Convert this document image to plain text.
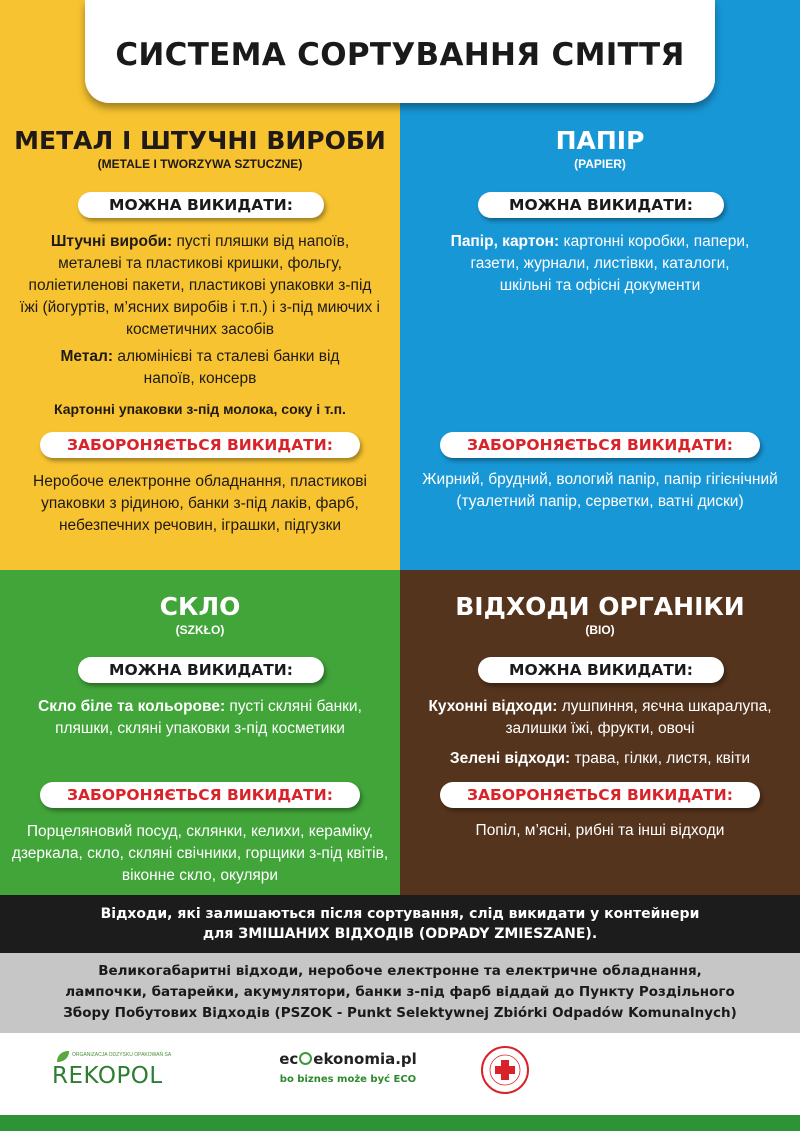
МЕТАЛ І ШТУЧНІ ВИРОБИ
(METALE I TWORZYWA SZTUCZNE)
МОЖНА ВИКИДАТИ:
Штучні вироби: пусті пляшки від напоїв, металеві та пластикові кришки, фольгу, поліетиленові пакети, пластикові упаковки з-під їжі (йогуртів, м’ясних виробів і т.п.) і з-під миючих і косметичних засобів
Метал: алюмінієві та сталеві банки від напоїв, консерв
Картонні упаковки з-під молока, соку і т.п.
ЗАБОРОНЯЄТЬСЯ ВИКИДАТИ:
Неробоче електронне обладнання, пластикові упаковки з рідиною, банки з-під лаків, фарб, небезпечних речовин, іграшки, підгузки
ПАПІР
(PAPIER)
МОЖНА ВИКИДАТИ:
Папір, картон: картонні коробки, папери, газети, журнали, листівки, каталоги, шкільні та офісні документи
ЗАБОРОНЯЄТЬСЯ ВИКИДАТИ:
Жирний, брудний, вологий папір, папір гігієнічний (туалетний папір, серветки, ватні диски)
СКЛО
(SZKŁO)
МОЖНА ВИКИДАТИ:
Скло біле та кольорове: пусті скляні банки, пляшки, скляні упаковки з-під косметики
ЗАБОРОНЯЄТЬСЯ ВИКИДАТИ:
Порцеляновий посуд, склянки, келихи, кераміку, дзеркала, скло, скляні свічники, горщики з-під квітів, віконне скло, окуляри
ВІДХОДИ ОРГАНІКИ
(BIO)
МОЖНА ВИКИДАТИ:
Кухонні відходи: лушпиння, яєчна шкаралупа, залишки їжі, фрукти, овочі
Зелені відходи: трава, гілки, листя, квіти
ЗАБОРОНЯЄТЬСЯ ВИКИДАТИ:
Попіл, м’ясні, рибні та інші відходи
СИСТЕМА СОРТУВАННЯ СМІТТЯ
Відходи, які залишаються після сортування, слід викидати у контейнери
для ЗМІШАНИХ ВІДХОДІВ (ODPADY ZMIESZANE).
Великогабаритні відходи, неробоче електронне та електричне обладнання,
лампочки, батарейки, акумулятори, банки з-під фарб віддай до Пункту Роздільного
Збору Побутових Відходів (PSZOK - Punkt Selektywnej Zbiórki Odpadów Komunalnych)
ORGANIZACJA ODZYSKU OPAKOWAŃ SA
REKOPOL
ec ekonomia.pl
bo biznes może być ECO
